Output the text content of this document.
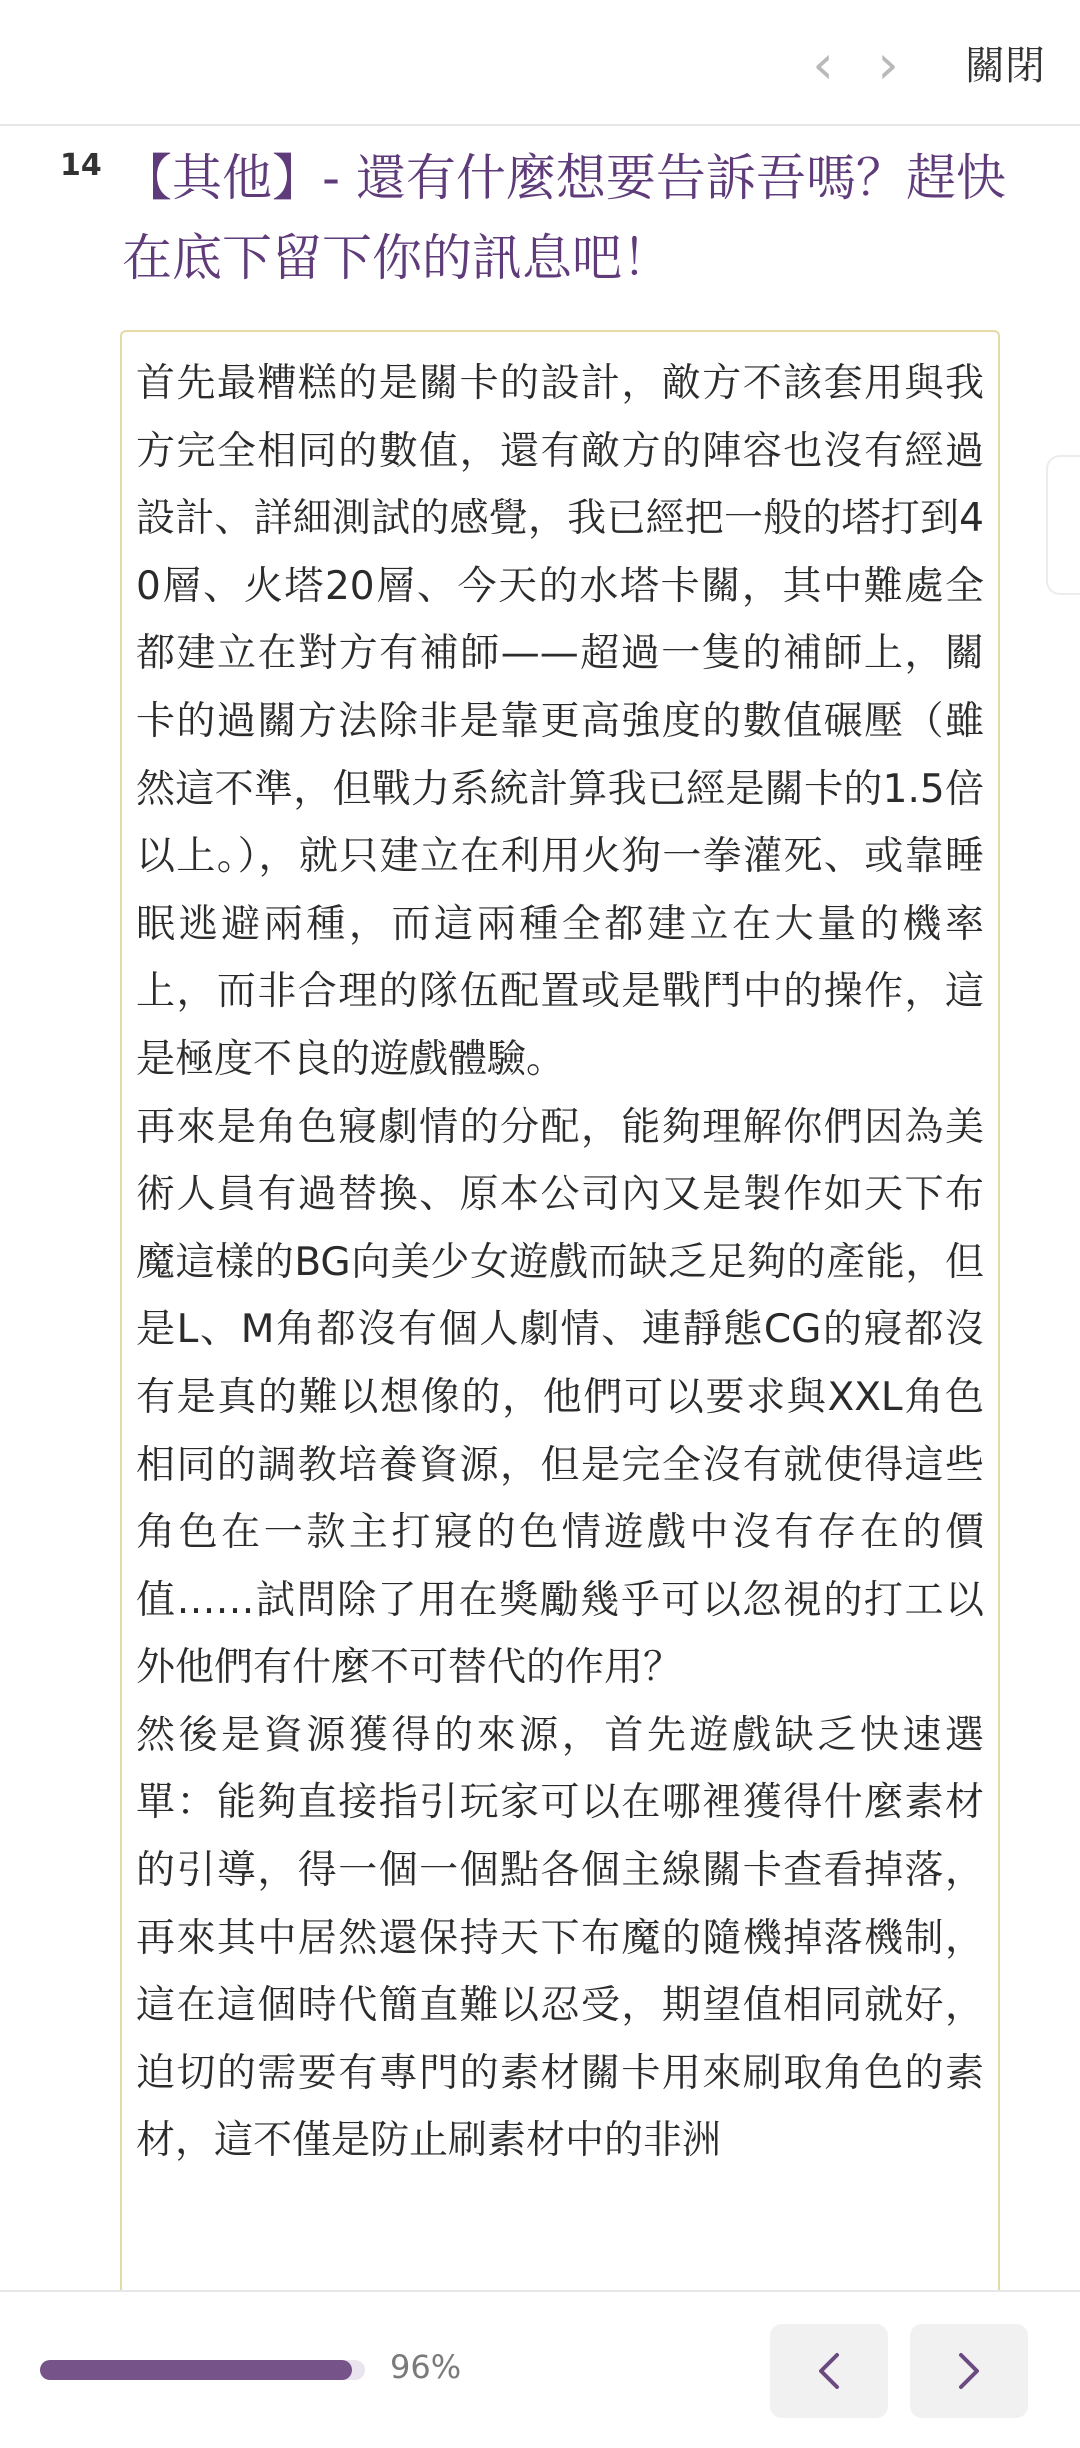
‹ ›	關閉
14 【其他】- 還有什麼想要告訴吾嗎？趕快在底下留下你的訊息吧！
首先最糟糕的是關卡的設計，敵方不該套用與我方完全相同的數值，還有敵方的陣容也沒有經過設計、詳細測試的感覺，我已經把一般的塔打到40層、火塔20層、今天的水塔卡關，其中難處全都建立在對方有補師——超過一隻的補師上，關卡的過關方法除非是靠更高強度的數值碾壓（雖然這不準，但戰力系統計算我已經是關卡的1.5倍以上。），就只建立在利用火狗一拳灌死、或靠睡眠逃避兩種，而這兩種全都建立在大量的機率上，而非合理的隊伍配置或是戰鬥中的操作，這是極度不良的遊戲體驗。
再來是角色寢劇情的分配，能夠理解你們因為美術人員有過替換、原本公司內又是製作如天下布魔這樣的BG向美少女遊戲而缺乏足夠的產能，但是L、M角都沒有個人劇情、連靜態CG的寢都沒有是真的難以想像的，他們可以要求與XXL角色相同的調教培養資源，但是完全沒有就使得這些角色在一款主打寢的色情遊戲中沒有存在的價值……試問除了用在獎勵幾乎可以忽視的打工以外他們有什麼不可替代的作用？
然後是資源獲得的來源，首先遊戲缺乏快速選單：能夠直接指引玩家可以在哪裡獲得什麼素材的引導，得一個一個點各個主線關卡查看掉落，再來其中居然還保持天下布魔的隨機掉落機制，這在這個時代簡直難以忍受，期望值相同就好，迫切的需要有專門的素材關卡用來刷取角色的素材，這不僅是防止刷素材中的非洲
96%
